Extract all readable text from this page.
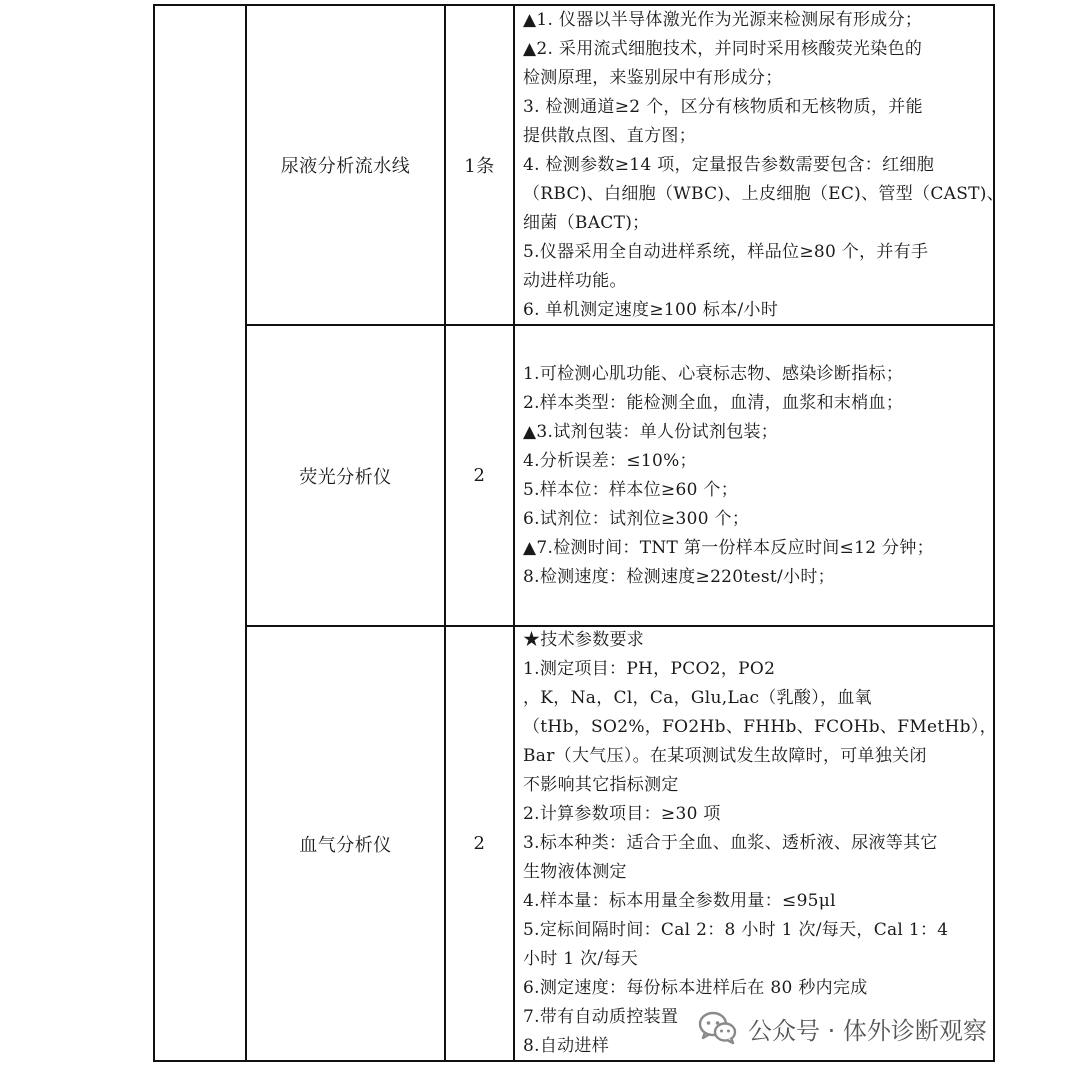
尿液分析流水线	1条
▲1. 仪器以半导体激光作为光源来检测尿有形成分；
▲2. 采用流式细胞技术，并同时采用核酸荧光染色的
检测原理，来鉴别尿中有形成分；
3. 检测通道≥2 个，区分有核物质和无核物质，并能
提供散点图、直方图；
4. 检测参数≥14 项，定量报告参数需要包含：红细胞
（RBC)、白细胞（WBC)、上皮细胞（EC)、管型（CAST)、
细菌（BACT)；
5.仪器采用全自动进样系统，样品位≥80 个，并有手
动进样功能。
6. 单机测定速度≥100 标本/小时
荧光分析仪	2
1.可检测心肌功能、心衰标志物、感染诊断指标；
2.样本类型：能检测全血，血清，血浆和末梢血；
▲3.试剂包装：单人份试剂包装；
4.分析误差：≤10%；
5.样本位：样本位≥60 个；
6.试剂位：试剂位≥300 个；
▲7.检测时间：TNT 第一份样本反应时间≤12 分钟；
8.检测速度：检测速度≥220test/小时；
血气分析仪	2
★技术参数要求
1.测定项目：PH，PCO2，PO2
，K，Na，Cl，Ca，Glu,Lac（乳酸），血氧
（tHb，SO2%，FO2Hb、FHHb、FCOHb、FMetHb），
Bar（大气压）。在某项测试发生故障时，可单独关闭
不影响其它指标测定
2.计算参数项目：≥30 项
3.标本种类：适合于全血、血浆、透析液、尿液等其它
生物液体测定
4.样本量：标本用量全参数用量：≤95μl
5.定标间隔时间：Cal 2：8 小时 1 次/每天，Cal 1：4
小时 1 次/每天
6.测定速度：每份标本进样后在 80 秒内完成
7.带有自动质控装置
8.自动进样
公众号 · 体外诊断观察
